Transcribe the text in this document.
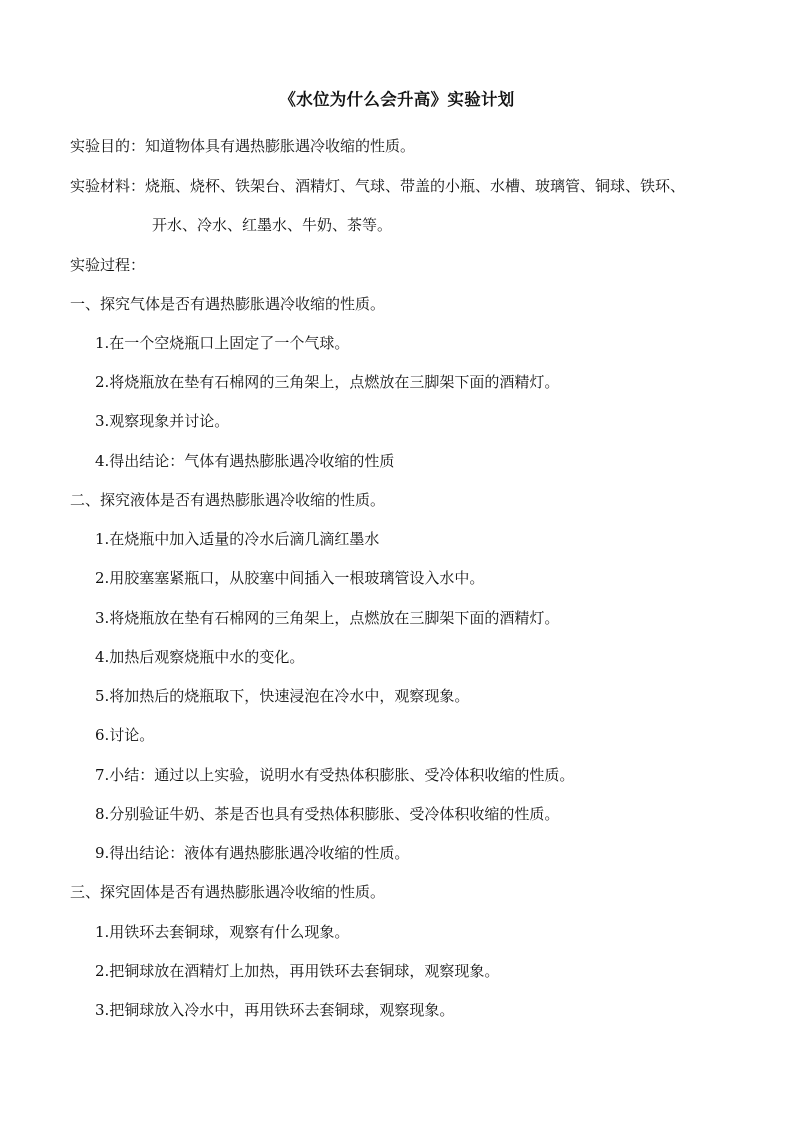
《水位为什么会升高》实验计划
实验目的：知道物体具有遇热膨胀遇冷收缩的性质。
实验材料：烧瓶、烧杯、铁架台、酒精灯、气球、带盖的小瓶、水槽、玻璃管、铜球、铁环、
开水、冷水、红墨水、牛奶、茶等。
实验过程：
一、探究气体是否有遇热膨胀遇冷收缩的性质。
1.在一个空烧瓶口上固定了一个气球。
2.将烧瓶放在垫有石棉网的三角架上，点燃放在三脚架下面的酒精灯。
3.观察现象并讨论。
4.得出结论：气体有遇热膨胀遇冷收缩的性质
二、探究液体是否有遇热膨胀遇冷收缩的性质。
1.在烧瓶中加入适量的冷水后滴几滴红墨水
2.用胶塞塞紧瓶口，从胶塞中间插入一根玻璃管设入水中。
3.将烧瓶放在垫有石棉网的三角架上，点燃放在三脚架下面的酒精灯。
4.加热后观察烧瓶中水的变化。
5.将加热后的烧瓶取下，快速浸泡在冷水中，观察现象。
6.讨论。
7.小结：通过以上实验，说明水有受热体积膨胀、受冷体积收缩的性质。
8.分别验证牛奶、茶是否也具有受热体积膨胀、受冷体积收缩的性质。
9.得出结论：液体有遇热膨胀遇冷收缩的性质。
三、探究固体是否有遇热膨胀遇冷收缩的性质。
1.用铁环去套铜球，观察有什么现象。
2.把铜球放在酒精灯上加热，再用铁环去套铜球，观察现象。
3.把铜球放入冷水中，再用铁环去套铜球，观察现象。
